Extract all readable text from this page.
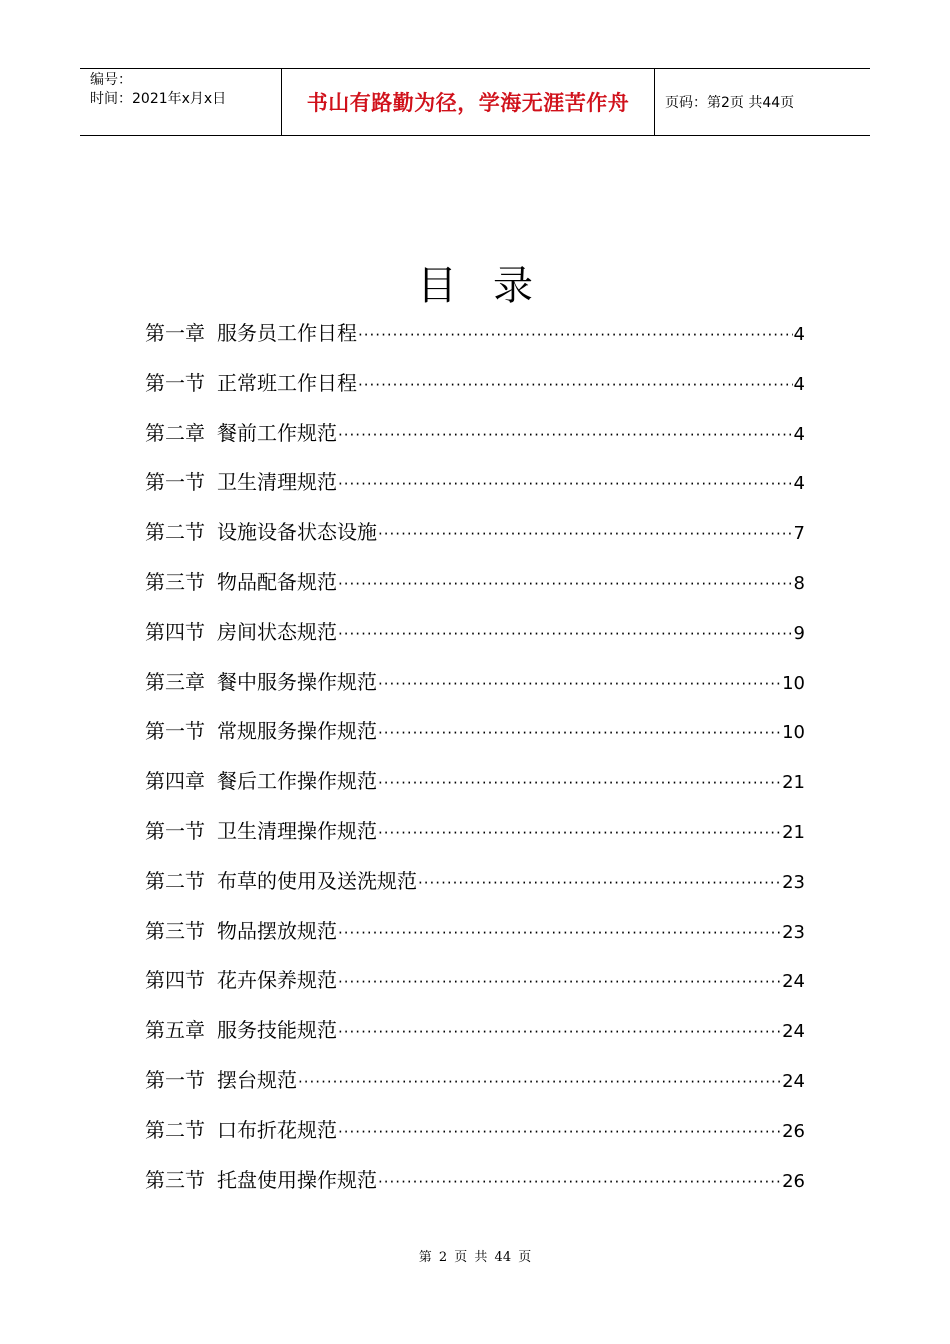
编号：
时间：2021年x月x日	书山有路勤为径，学海无涯苦作舟	页码：第2页 共44页
目录
第一章 服务员工作日程 ·····	4
第一节 正常班工作日程 ·····	4
第二章 餐前工作规范 ·····	4
第一节 卫生清理规范 ·····	4
第二节 设施设备状态设施 ·····	7
第三节 物品配备规范 ·····	8
第四节 房间状态规范 ·····	9
第三章 餐中服务操作规范 ·····	10
第一节 常规服务操作规范 ·····	10
第四章 餐后工作操作规范 ·····	21
第一节 卫生清理操作规范 ·····	21
第二节 布草的使用及送洗规范 ·····	23
第三节 物品摆放规范 ·····	23
第四节 花卉保养规范 ·····	24
第五章 服务技能规范 ·····	24
第一节 摆台规范 ·····	24
第二节 口布折花规范 ·····	26
第三节 托盘使用操作规范 ·····	26
第 2 页 共 44 页
